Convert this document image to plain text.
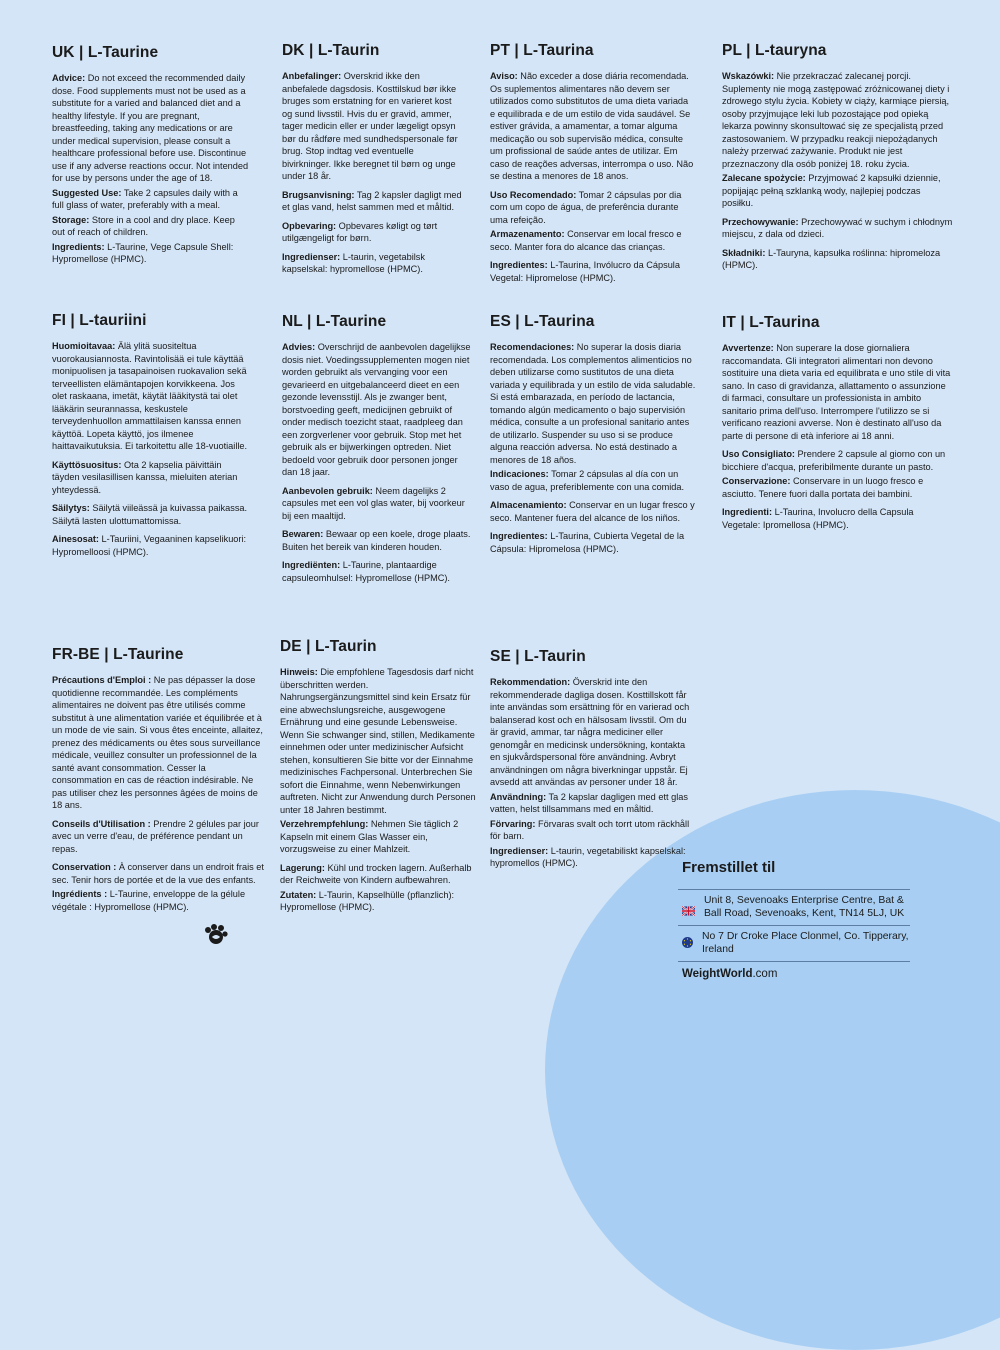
UK | L-Taurine

Advice: Do not exceed the recommended daily dose. Food supplements must not be used as a substitute for a varied and balanced diet and a healthy lifestyle. If you are pregnant, breastfeeding, taking any medications or are under medical supervision, please consult a healthcare professional before use. Discontinue use if any adverse reactions occur. Not intended for use by persons under the age of 18.

Suggested Use: Take 2 capsules daily with a full glass of water, preferably with a meal.

Storage: Store in a cool and dry place. Keep out of reach of children.

Ingredients: L-Taurine, Vege Capsule Shell: Hypromellose (HPMC).

DK | L-Taurin

Anbefalinger: Overskrid ikke den anbefalede dagsdosis. Kosttilskud bør ikke bruges som erstatning for en varieret kost og sund livsstil. Hvis du er gravid, ammer, tager medicin eller er under lægeligt opsyn bør du rådføre med sundhedspersonale før brug. Stop indtag ved eventuelle bivirkninger. Ikke beregnet til børn og unge under 18 år.

Brugsanvisning: Tag 2 kapsler dagligt med et glas vand, helst sammen med et måltid.

Opbevaring: Opbevares køligt og tørt utilgængeligt for børn.

Ingredienser: L-taurin, vegetabilsk kapselskal: hypromellose (HPMC).

PT | L-Taurina

Aviso: Não exceder a dose diária recomendada. Os suplementos alimentares não devem ser utilizados como substitutos de uma dieta variada e equilibrada e de um estilo de vida saudável. Se estiver grávida, a amamentar, a tomar alguma medicação ou sob supervisão médica, consulte um profissional de saúde antes de utilizar. Em caso de reações adversas, interrompa o uso. Não se destina a menores de 18 anos.

Uso Recomendado: Tomar 2 cápsulas por dia com um copo de água, de preferência durante uma refeição.

Armazenamento: Conservar em local fresco e seco. Manter fora do alcance das crianças.

Ingredientes: L-Taurina, Invólucro da Cápsula Vegetal: Hipromelose (HPMC).

PL | L-tauryna

Wskazówki: Nie przekraczać zalecanej porcji. Suplementy nie mogą zastępować zróżnicowanej diety i zdrowego stylu życia. Kobiety w ciąży, karmiące piersią, osoby przyjmujące leki lub pozostające pod opieką lekarza powinny skonsultować się ze specjalistą przed zastosowaniem. W przypadku reakcji niepożądanych należy przerwać zażywanie. Produkt nie jest przeznaczony dla osób poniżej 18. roku życia.

Zalecane spożycie: Przyjmować 2 kapsułki dziennie, popijając pełną szklanką wody, najlepiej podczas posiłku.

Przechowywanie: Przechowywać w suchym i chłodnym miejscu, z dala od dzieci.

Składniki: L-Tauryna, kapsułka roślinna: hipromeloza (HPMC).

FI | L-tauriini

Huomioitavaa: Älä ylitä suositeltua vuorokausiannosta. Ravintolisää ei tule käyttää monipuolisen ja tasapainoisen ruokavalion sekä terveellisten elämäntapojen korvikkeena. Jos olet raskaana, imetät, käytät lääkitystä tai olet lääkärin seurannassa, keskustele terveydenhuollon ammattilaisen kanssa ennen käyttöä. Lopeta käyttö, jos ilmenee haittavaikutuksia. Ei tarkoitettu alle 18-vuotiaille.

Käyttösuositus: Ota 2 kapselia päivittäin täyden vesilasillisen kanssa, mieluiten aterian yhteydessä.

Säilytys: Säilytä viileässä ja kuivassa paikassa. Säilytä lasten ulottumattomissa.

Ainesosat: L-Tauriini, Vegaaninen kapselikuori: Hypromelloosi (HPMC).

NL | L-Taurine

Advies: Overschrijd de aanbevolen dagelijkse dosis niet. Voedingssupplementen mogen niet worden gebruikt als vervanging voor een gevarieerd en uitgebalanceerd dieet en een gezonde levensstijl. Als je zwanger bent, borstvoeding geeft, medicijnen gebruikt of onder medisch toezicht staat, raadpleeg dan een zorgverlener voor gebruik. Stop met het gebruik als er bijwerkingen optreden. Niet bedoeld voor gebruik door personen jonger dan 18 jaar.

Aanbevolen gebruik: Neem dagelijks 2 capsules met een vol glas water, bij voorkeur bij een maaltijd.

Bewaren: Bewaar op een koele, droge plaats. Buiten het bereik van kinderen houden.

Ingrediënten: L-Taurine, plantaardige capsuleomhulsel: Hypromellose (HPMC).

ES | L-Taurina

Recomendaciones: No superar la dosis diaria recomendada. Los complementos alimenticios no deben utilizarse como sustitutos de una dieta variada y equilibrada y un estilo de vida saludable. Si está embarazada, en período de lactancia, tomando algún medicamento o bajo supervisión médica, consulte a un profesional sanitario antes de utilizarlo. Suspender su uso si se produce alguna reacción adversa. No está destinado a menores de 18 años.

Indicaciones: Tomar 2 cápsulas al día con un vaso de agua, preferiblemente con una comida.

Almacenamiento: Conservar en un lugar fresco y seco. Mantener fuera del alcance de los niños.

Ingredientes: L-Taurina, Cubierta Vegetal de la Cápsula: Hipromelosa (HPMC).

IT | L-Taurina

Avvertenze: Non superare la dose giornaliera raccomandata. Gli integratori alimentari non devono sostituire una dieta varia ed equilibrata e uno stile di vita sano. In caso di gravidanza, allattamento o assunzione di farmaci, consultare un professionista in ambito sanitario prima dell'uso. Interrompere l'utilizzo se si verificano reazioni avverse. Non è destinato all'uso da parte di persone di età inferiore ai 18 anni.

Uso Consigliato: Prendere 2 capsule al giorno con un bicchiere d'acqua, preferibilmente durante un pasto.

Conservazione: Conservare in un luogo fresco e asciutto. Tenere fuori dalla portata dei bambini.

Ingredienti: L-Taurina, Involucro della Capsula Vegetale: Ipromellosa (HPMC).

FR-BE | L-Taurine

Précautions d'Emploi : Ne pas dépasser la dose quotidienne recommandée. Les compléments alimentaires ne doivent pas être utilisés comme substitut à une alimentation variée et équilibrée et à un mode de vie sain. Si vous êtes enceinte, allaitez, prenez des médicaments ou êtes sous surveillance médicale, veuillez consulter un professionnel de la santé avant consommation. Cesser la consommation en cas de réaction indésirable. Ne pas utiliser chez les personnes âgées de moins de 18 ans.

Conseils d'Utilisation : Prendre 2 gélules par jour avec un verre d'eau, de préférence pendant un repas.

Conservation : À conserver dans un endroit frais et sec. Tenir hors de portée et de la vue des enfants.

Ingrédients : L-Taurine, enveloppe de la gélule végétale : Hypromellose (HPMC).

DE | L-Taurin

Hinweis: Die empfohlene Tagesdosis darf nicht überschritten werden. Nahrungsergänzungsmittel sind kein Ersatz für eine abwechslungsreiche, ausgewogene Ernährung und eine gesunde Lebensweise. Wenn Sie schwanger sind, stillen, Medikamente einnehmen oder unter medizinischer Aufsicht stehen, konsultieren Sie bitte vor der Einnahme medizinisches Fachpersonal. Unterbrechen Sie sofort die Einnahme, wenn Nebenwirkungen auftreten. Nicht zur Anwendung durch Personen unter 18 Jahren bestimmt.

Verzehrempfehlung: Nehmen Sie täglich 2 Kapseln mit einem Glas Wasser ein, vorzugsweise zu einer Mahlzeit.

Lagerung: Kühl und trocken lagern. Außerhalb der Reichweite von Kindern aufbewahren.

Zutaten: L-Taurin, Kapselhülle (pflanzlich): Hypromellose (HPMC).

SE | L-Taurin

Rekommendation: Överskrid inte den rekommenderade dagliga dosen. Kosttillskott får inte användas som ersättning för en varierad och balanserad kost och en hälsosam livsstil. Om du är gravid, ammar, tar några mediciner eller genomgår en medicinsk undersökning, kontakta en sjukvårdspersonal före användning. Avbryt användningen om några biverkningar uppstår. Ej avsedd att användas av personer under 18 år.

Användning: Ta 2 kapslar dagligen med ett glas vatten, helst tillsammans med en måltid.

Förvaring: Förvaras svalt och torrt utom räckhåll för barn.

Ingredienser: L-taurin, vegetabiliskt kapselskal: hypromellos (HPMC).	Fremstillet til
Unit 8, Sevenoaks Enterprise Centre, Bat & Ball Road, Sevenoaks, Kent, TN14 5LJ, UK
No 7 Dr Croke Place Clonmel, Co. Tipperary, Ireland
WeightWorld.com
